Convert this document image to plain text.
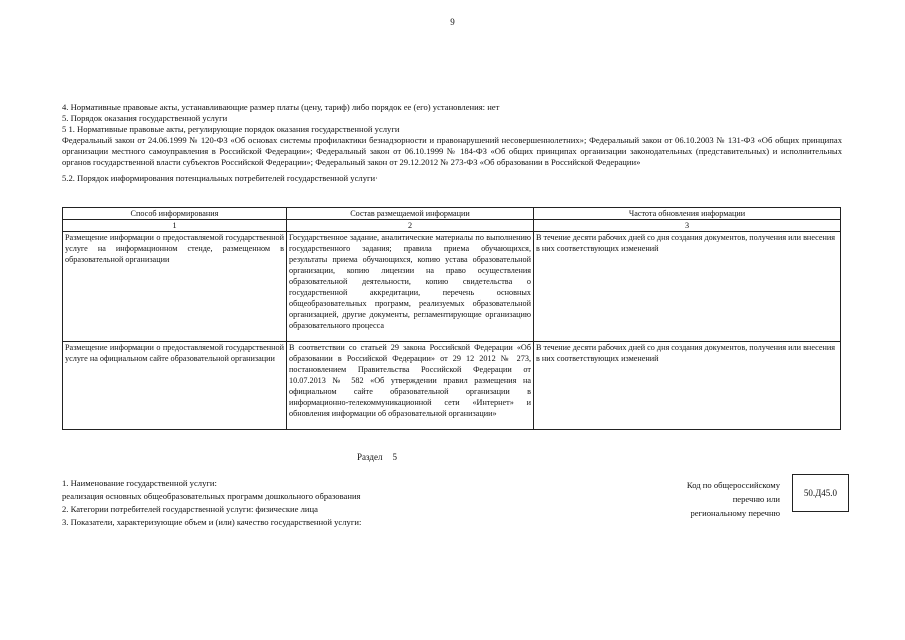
9

4. Нормативные правовые акты, устанавливающие размер платы (цену, тариф) либо порядок ее (его) установления: нет

5. Порядок оказания государственной услуги

5 1. Нормативные правовые акты, регулирующие порядок оказания государственной услуги

Федеральный закон от 24.06.1999 № 120-ФЗ «Об основах системы профилактики безнадзорности и правонарушений несовершеннолетних»; Федеральный закон от 06.10.2003 № 131-ФЗ «Об общих принципах организации местного самоуправления в Российской Федерации»; Федеральный закон от 06.10.1999 № 184-ФЗ «Об общих принципах организации законодательных (представительных) и исполнительных органов государственной власти субъектов Российской Федерации»; Федеральный закон от 29.12.2012 № 273-ФЗ «Об образовании в Российской Федерации»

5.2. Порядок информирования потенциальных потребителей государственной услуги·

Способ информирования	Состав размещаемой информации	Частота обновления информации
1	2	3
Размещение информации о предоставляемой государственной услуге на информационном стенде, размещенном в образовательной организации	Государственное задание, аналитические материалы по выполнению государственного задания; правила приема обучающихся, результаты приема обучающихся, копию устава образовательной организации, копию лицензии на право осуществления образовательной деятельности, копию свидетельства о государственной аккредитации, перечень основных общеобразовательных программ, реализуемых образовательной организацией, другие документы, регламентирующие организацию образовательного процесса	В течение десяти рабочих дней со дня создания документов, получения или внесения в них соответствующих изменений
Размещение информации о предоставляемой государственной услуге на официальном сайте образовательной организации	В соответствии со статьей 29 закона Российской Федерации «Об образовании в Российской Федерации» от 29 12 2012 № 273, постановлением Правительства Российской Федерации от 10.07.2013 № 582 «Об утверждении правил размещения на официальном сайте образовательной организации в информационно-телекоммуникационной сети «Интернет» и обновления информации об образовательной организации»	В течение десяти рабочих дней со дня создания документов, получения или внесения в них соответствующих изменений
Раздел 5

1. Наименование государственной услуги:

реализация основных общеобразовательных программ дошкольного образования

2. Категории потребителей государственной услуги: физические лица

3. Показатели, характеризующие объем и (или) качество государственной услуги:

Код по общероссийскому
перечню или
региональному перечню
50.Д45.0
